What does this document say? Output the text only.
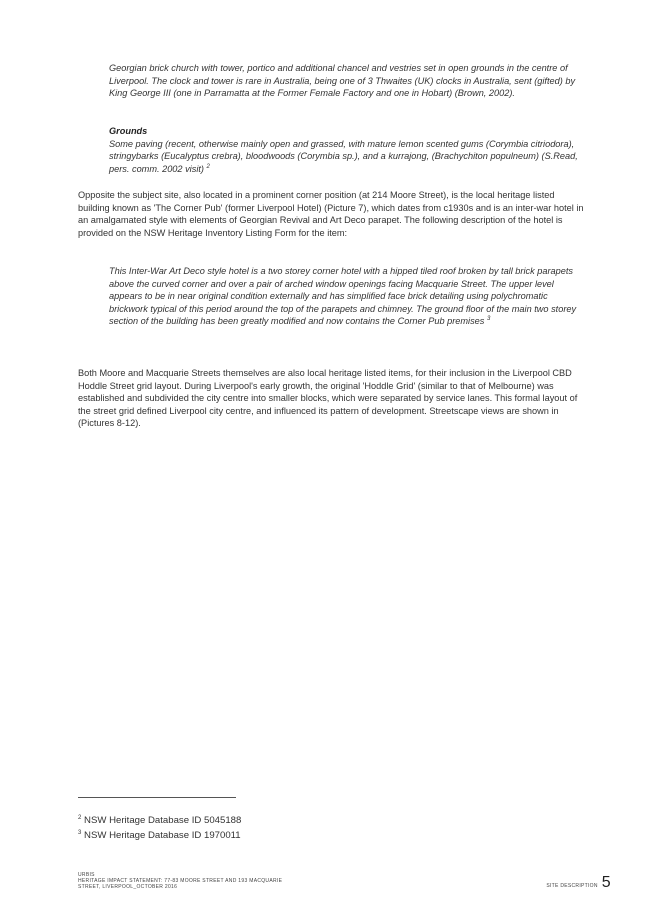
Georgian brick church with tower, portico and additional chancel and vestries set in open grounds in the centre of Liverpool. The clock and tower is rare in Australia, being one of 3 Thwaites (UK) clocks in Australia, sent (gifted) by King George III (one in Parramatta at the Former Female Factory and one in Hobart) (Brown, 2002).

Grounds

Some paving (recent, otherwise mainly open and grassed, with mature lemon scented gums (Corymbia citriodora), stringybarks (Eucalyptus crebra), bloodwoods (Corymbia sp.), and a kurrajong, (Brachychiton populneum) (S.Read, pers. comm. 2002 visit) $^2$

Opposite the subject site, also located in a prominent corner position (at 214 Moore Street), is the local heritage listed building known as 'The Corner Pub' (former Liverpool Hotel) (Picture 7), which dates from c1930s and is an inter-war hotel in an amalgamated style with elements of Georgian Revival and Art Deco parapet. The following description of the hotel is provided on the NSW Heritage Inventory Listing Form for the item:

This Inter-War Art Deco style hotel is a two storey corner hotel with a hipped tiled roof broken by tall brick parapets above the curved corner and over a pair of arched window openings facing Macquarie Street. The upper level appears to be in near original condition externally and has simplified face brick detailing using polychromatic brickwork typical of this period around the top of the parapets and chimney. The ground floor of the main two storey section of the building has been greatly modified and now contains the Corner Pub premises $^3$

Both Moore and Macquarie Streets themselves are also local heritage listed items, for their inclusion in the Liverpool CBD Hoddle Street grid layout. During Liverpool's early growth, the original 'Hoddle Grid' (similar to that of Melbourne) was established and subdivided the city centre into smaller blocks, which were separated by service lanes. This formal layout of the street grid defined Liverpool city centre, and influenced its pattern of development. Streetscape views are shown in (Pictures 8-12).

$^2$ NSW Heritage Database ID 5045188

$^3$ NSW Heritage Database ID 1970011

URBIS
HERITAGE IMPACT STATEMENT: 77-83 MOORE STREET AND 193 MACQUARIE
STREET, LIVERPOOL_OCTOBER 2016	SITE DESCRIPTION 5
